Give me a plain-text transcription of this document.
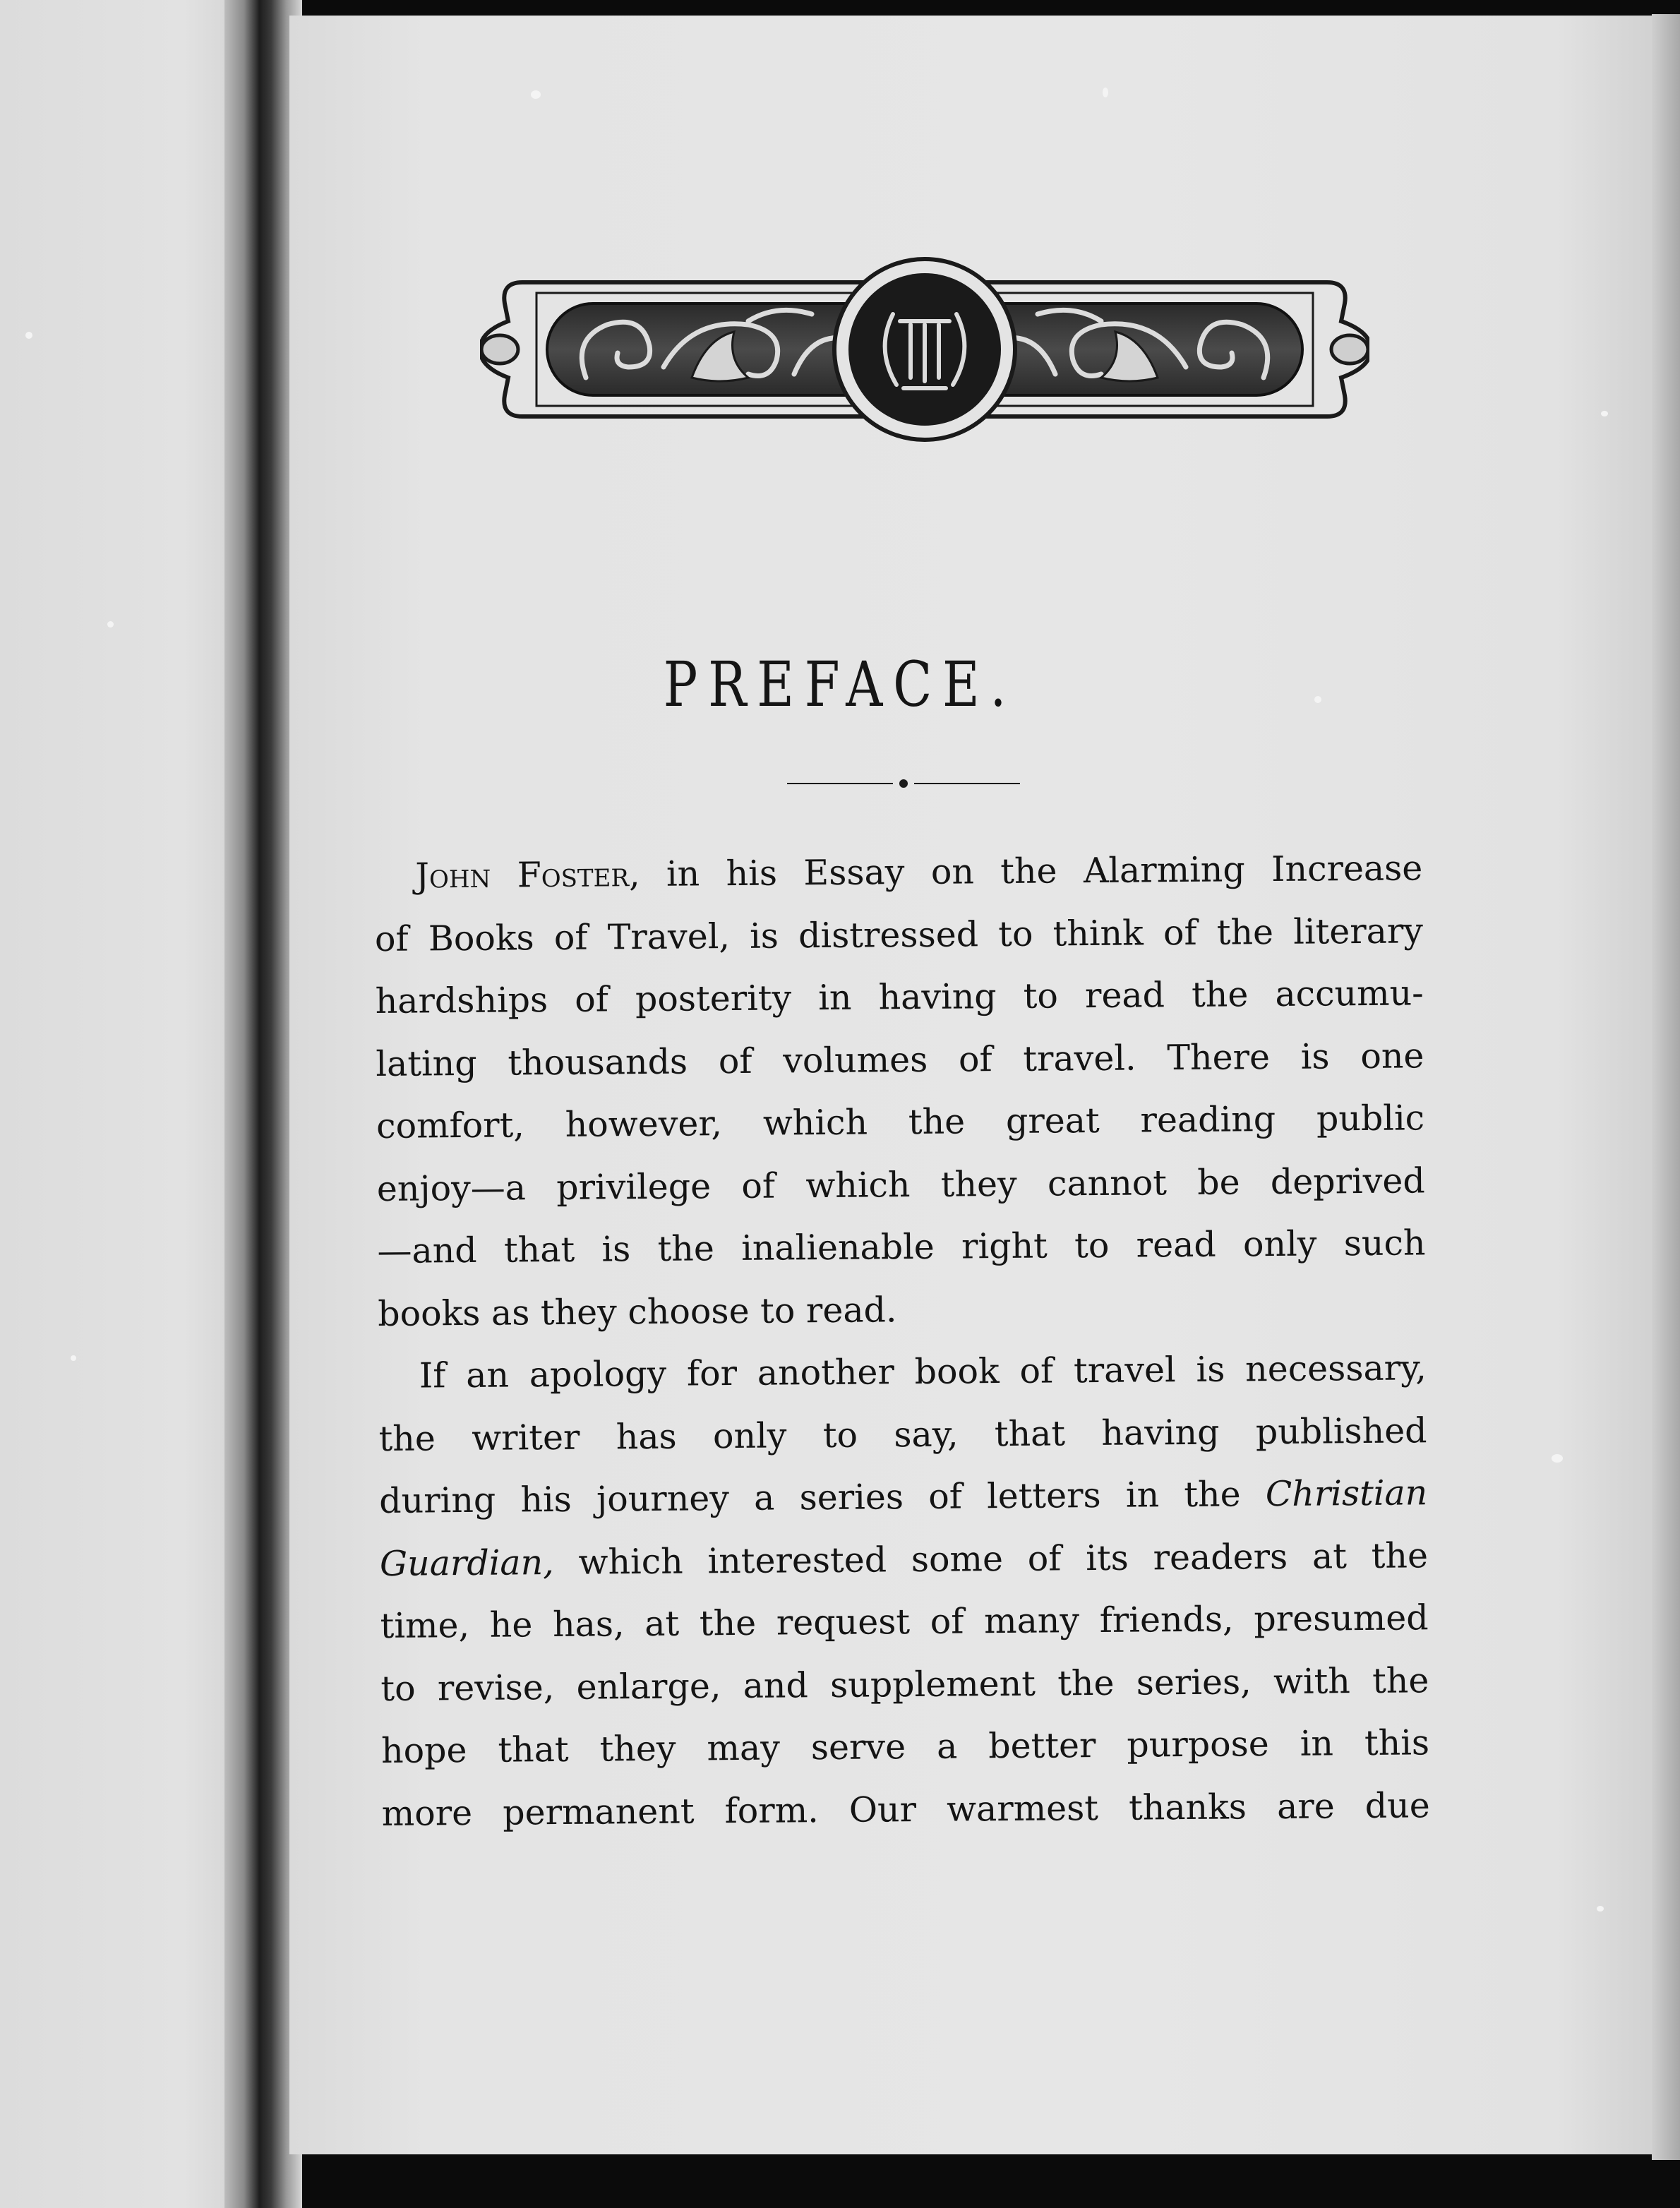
PREFACE.

John Foster, in his Essay on the Alarming Increase
of Books of Travel, is distressed to think of the literary
hardships of posterity in having to read the accumu-
lating thousands of volumes of travel. There is one
comfort, however, which the great reading public
enjoy—a privilege of which they cannot be deprived
—and that is the inalienable right to read only such
books as they choose to read.

If an apology for another book of travel is necessary,
the writer has only to say, that having published
during his journey a series of letters in the Christian
Guardian, which interested some of its readers at the
time, he has, at the request of many friends, presumed
to revise, enlarge, and supplement the series, with the
hope that they may serve a better purpose in this
more permanent form. Our warmest thanks are due
